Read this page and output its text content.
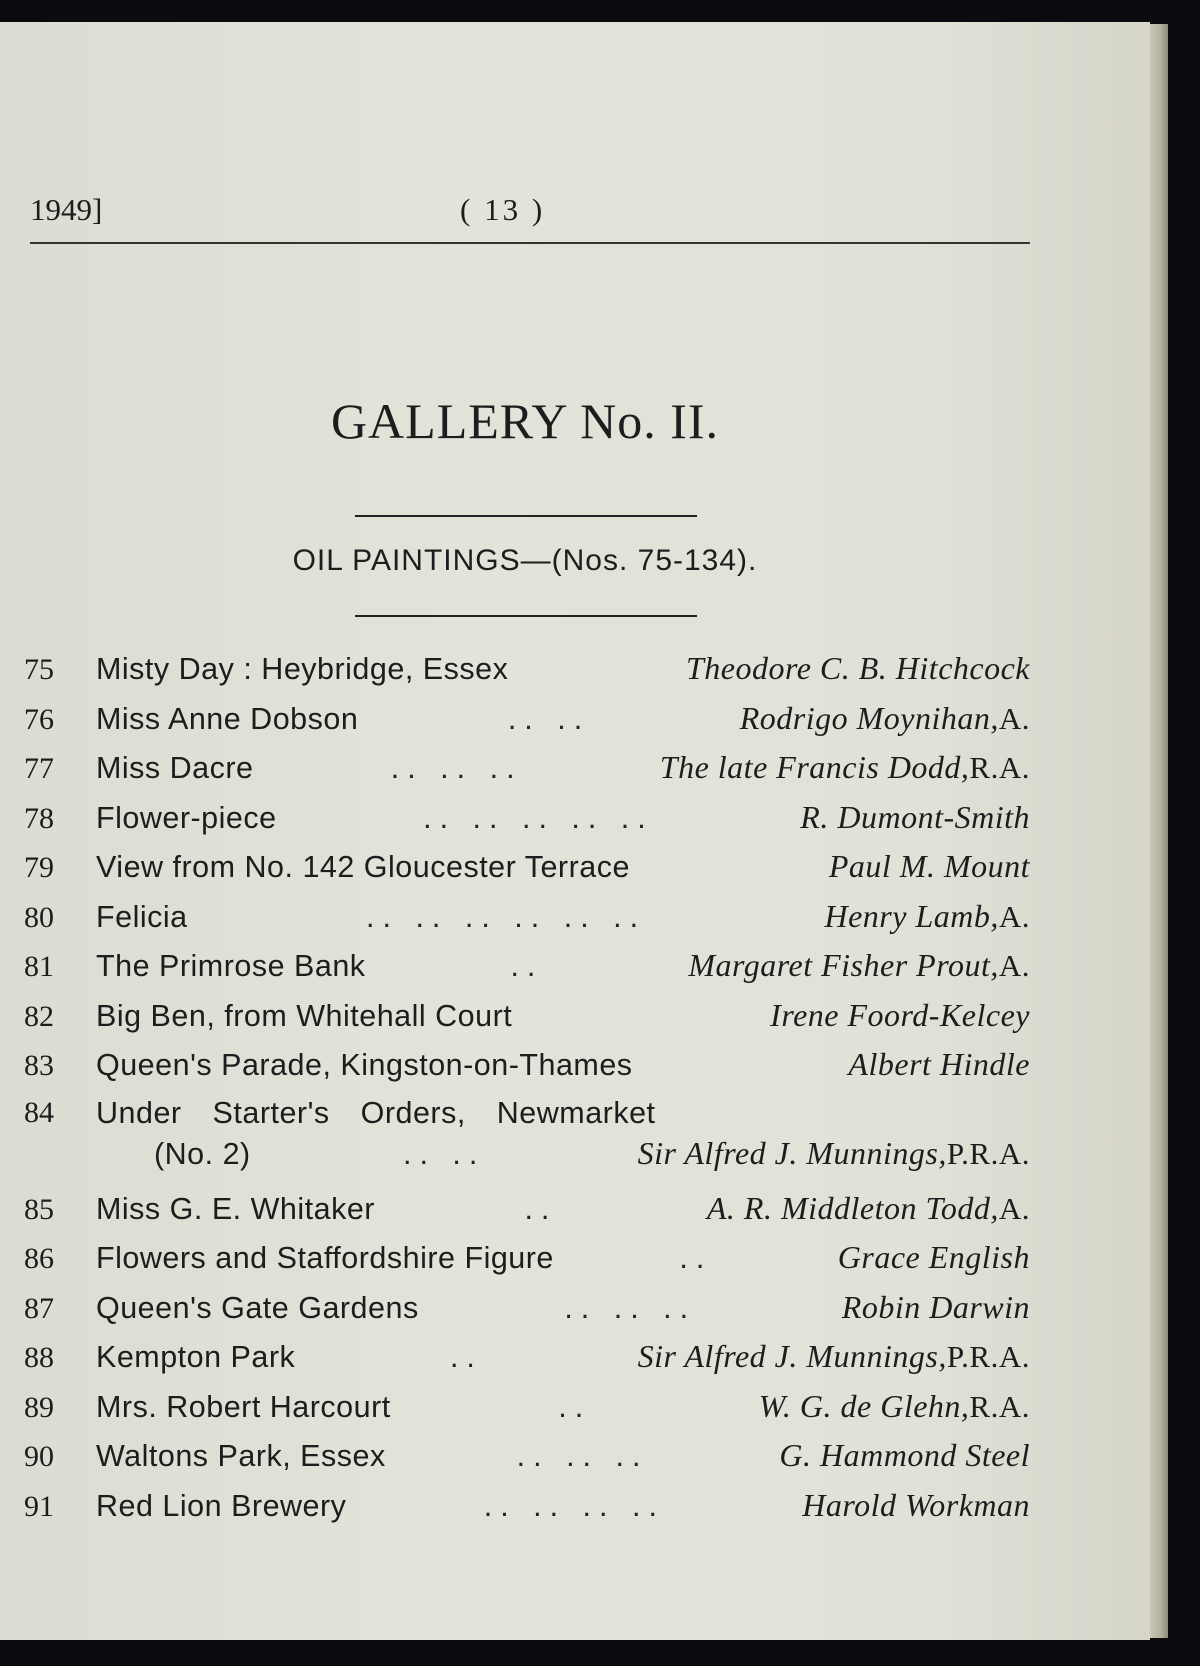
1949]	( 13 )
GALLERY No. II.
OIL PAINTINGS—(Nos. 75-134).
75	Misty Day : Heybridge, Essex	Theodore C. B. Hitchcock
76	Miss Anne Dobson	.. ..	Rodrigo Moynihan, A.
77	Miss Dacre	.. .. ..	The late Francis Dodd, R.A.
78	Flower-piece	.. .. .. .. ..	R. Dumont-Smith
79	View from No. 142 Gloucester Terrace	Paul M. Mount
80	Felicia	.. .. .. .. .. ..	Henry Lamb, A.
81	The Primrose Bank	..	Margaret Fisher Prout, A.
82	Big Ben, from Whitehall Court	Irene Foord-Kelcey
83	Queen's Parade, Kingston-on-Thames	Albert Hindle
84	Under Starter's Orders, Newmarket
(No. 2)	.. ..	Sir Alfred J. Munnings, P.R.A.
85	Miss G. E. Whitaker	..	A. R. Middleton Todd, A.
86	Flowers and Staffordshire Figure	..	Grace English
87	Queen's Gate Gardens	.. .. ..	Robin Darwin
88	Kempton Park	..	Sir Alfred J. Munnings, P.R.A.
89	Mrs. Robert Harcourt	..	W. G. de Glehn, R.A.
90	Waltons Park, Essex	.. .. ..	G. Hammond Steel
91	Red Lion Brewery	.. .. .. ..	Harold Workman
